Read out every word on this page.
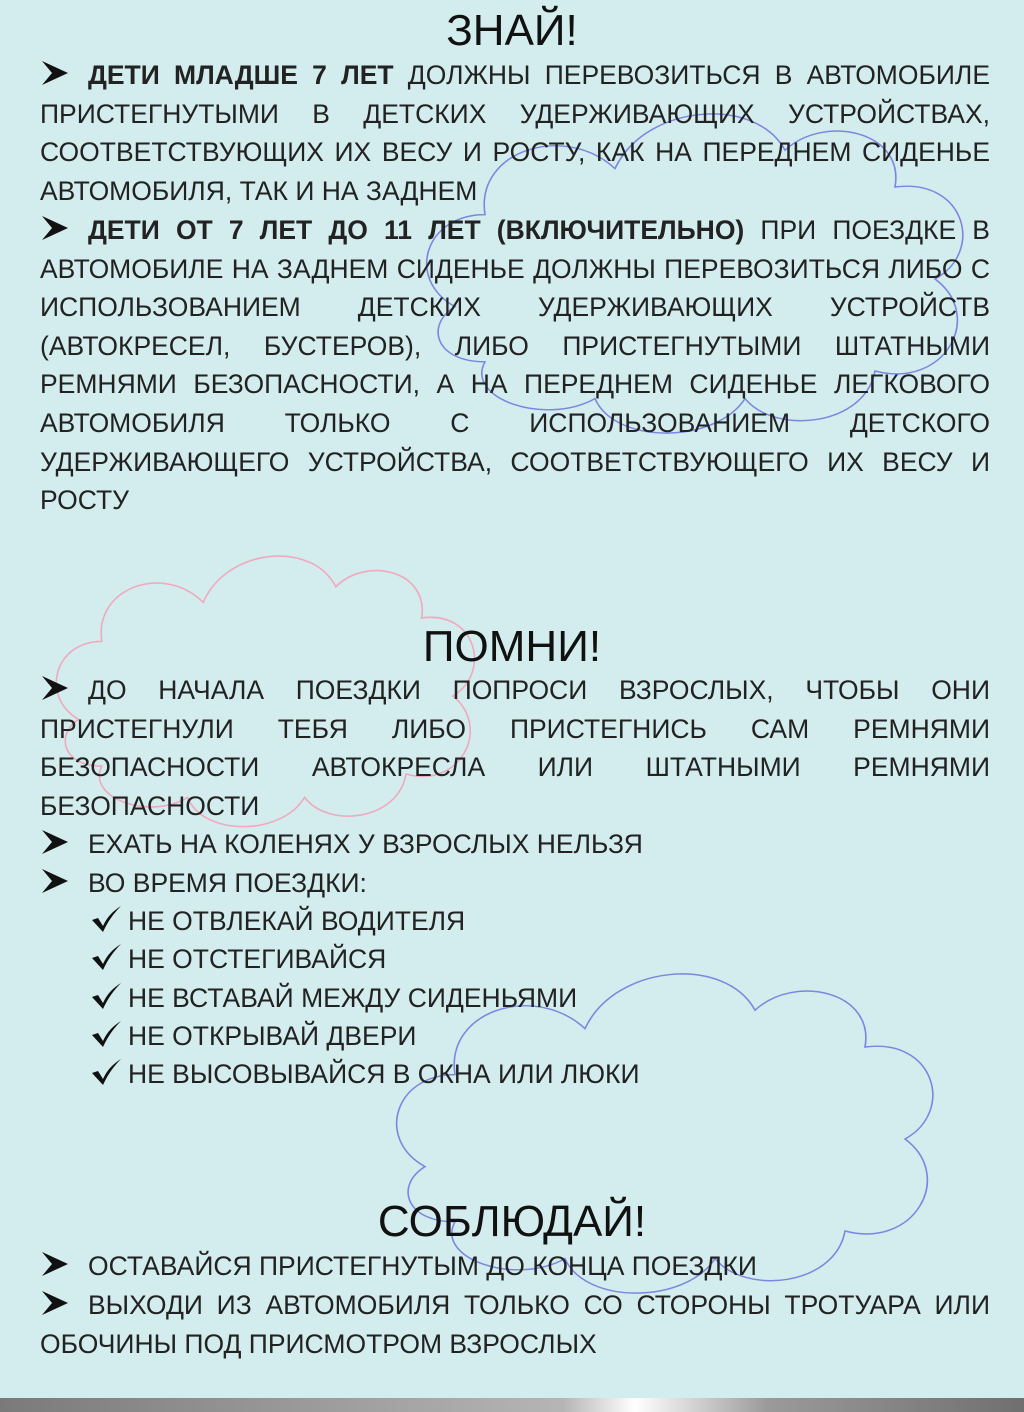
ЗНАЙ!
ДЕТИ МЛАДШЕ 7 ЛЕТ ДОЛЖНЫ ПЕРЕВОЗИТЬСЯ В АВТОМОБИЛЕ ПРИСТЕГНУТЫМИ В ДЕТСКИХ УДЕРЖИВАЮЩИХ УСТРОЙСТВАХ, СООТВЕТСТВУЮЩИХ ИХ ВЕСУ И РОСТУ, КАК НА ПЕРЕДНЕМ СИДЕНЬЕ АВТОМОБИЛЯ, ТАК И НА ЗАДНЕМ
ДЕТИ ОТ 7 ЛЕТ ДО 11 ЛЕТ (ВКЛЮЧИТЕЛЬНО) ПРИ ПОЕЗДКЕ В АВТОМОБИЛЕ НА ЗАДНЕМ СИДЕНЬЕ ДОЛЖНЫ ПЕРЕВОЗИТЬСЯ ЛИБО С ИСПОЛЬЗОВАНИЕМ ДЕТСКИХ УДЕРЖИВАЮЩИХ УСТРОЙСТВ (АВТОКРЕСЕЛ, БУСТЕРОВ), ЛИБО ПРИСТЕГНУТЫМИ ШТАТНЫМИ РЕМНЯМИ БЕЗОПАСНОСТИ, А НА ПЕРЕДНЕМ СИДЕНЬЕ ЛЕГКОВОГО АВТОМОБИЛЯ ТОЛЬКО С ИСПОЛЬЗОВАНИЕМ ДЕТСКОГО УДЕРЖИВАЮЩЕГО УСТРОЙСТВА, СООТВЕТСТВУЮЩЕГО ИХ ВЕСУ И РОСТУ
ПОМНИ!
ДО НАЧАЛА ПОЕЗДКИ ПОПРОСИ ВЗРОСЛЫХ, ЧТОБЫ ОНИ ПРИСТЕГНУЛИ ТЕБЯ ЛИБО ПРИСТЕГНИСЬ САМ РЕМНЯМИ БЕЗОПАСНОСТИ АВТОКРЕСЛА ИЛИ ШТАТНЫМИ РЕМНЯМИ БЕЗОПАСНОСТИ
ЕХАТЬ НА КОЛЕНЯХ У ВЗРОСЛЫХ НЕЛЬЗЯ
ВО ВРЕМЯ ПОЕЗДКИ:
НЕ ОТВЛЕКАЙ ВОДИТЕЛЯ
НЕ ОТСТЕГИВАЙСЯ
НЕ ВСТАВАЙ МЕЖДУ СИДЕНЬЯМИ
НЕ ОТКРЫВАЙ ДВЕРИ
НЕ ВЫСОВЫВАЙСЯ В ОКНА ИЛИ ЛЮКИ
СОБЛЮДАЙ!
ОСТАВАЙСЯ ПРИСТЕГНУТЫМ ДО КОНЦА ПОЕЗДКИ
ВЫХОДИ ИЗ АВТОМОБИЛЯ ТОЛЬКО СО СТОРОНЫ ТРОТУАРА ИЛИ ОБОЧИНЫ ПОД ПРИСМОТРОМ ВЗРОСЛЫХ
